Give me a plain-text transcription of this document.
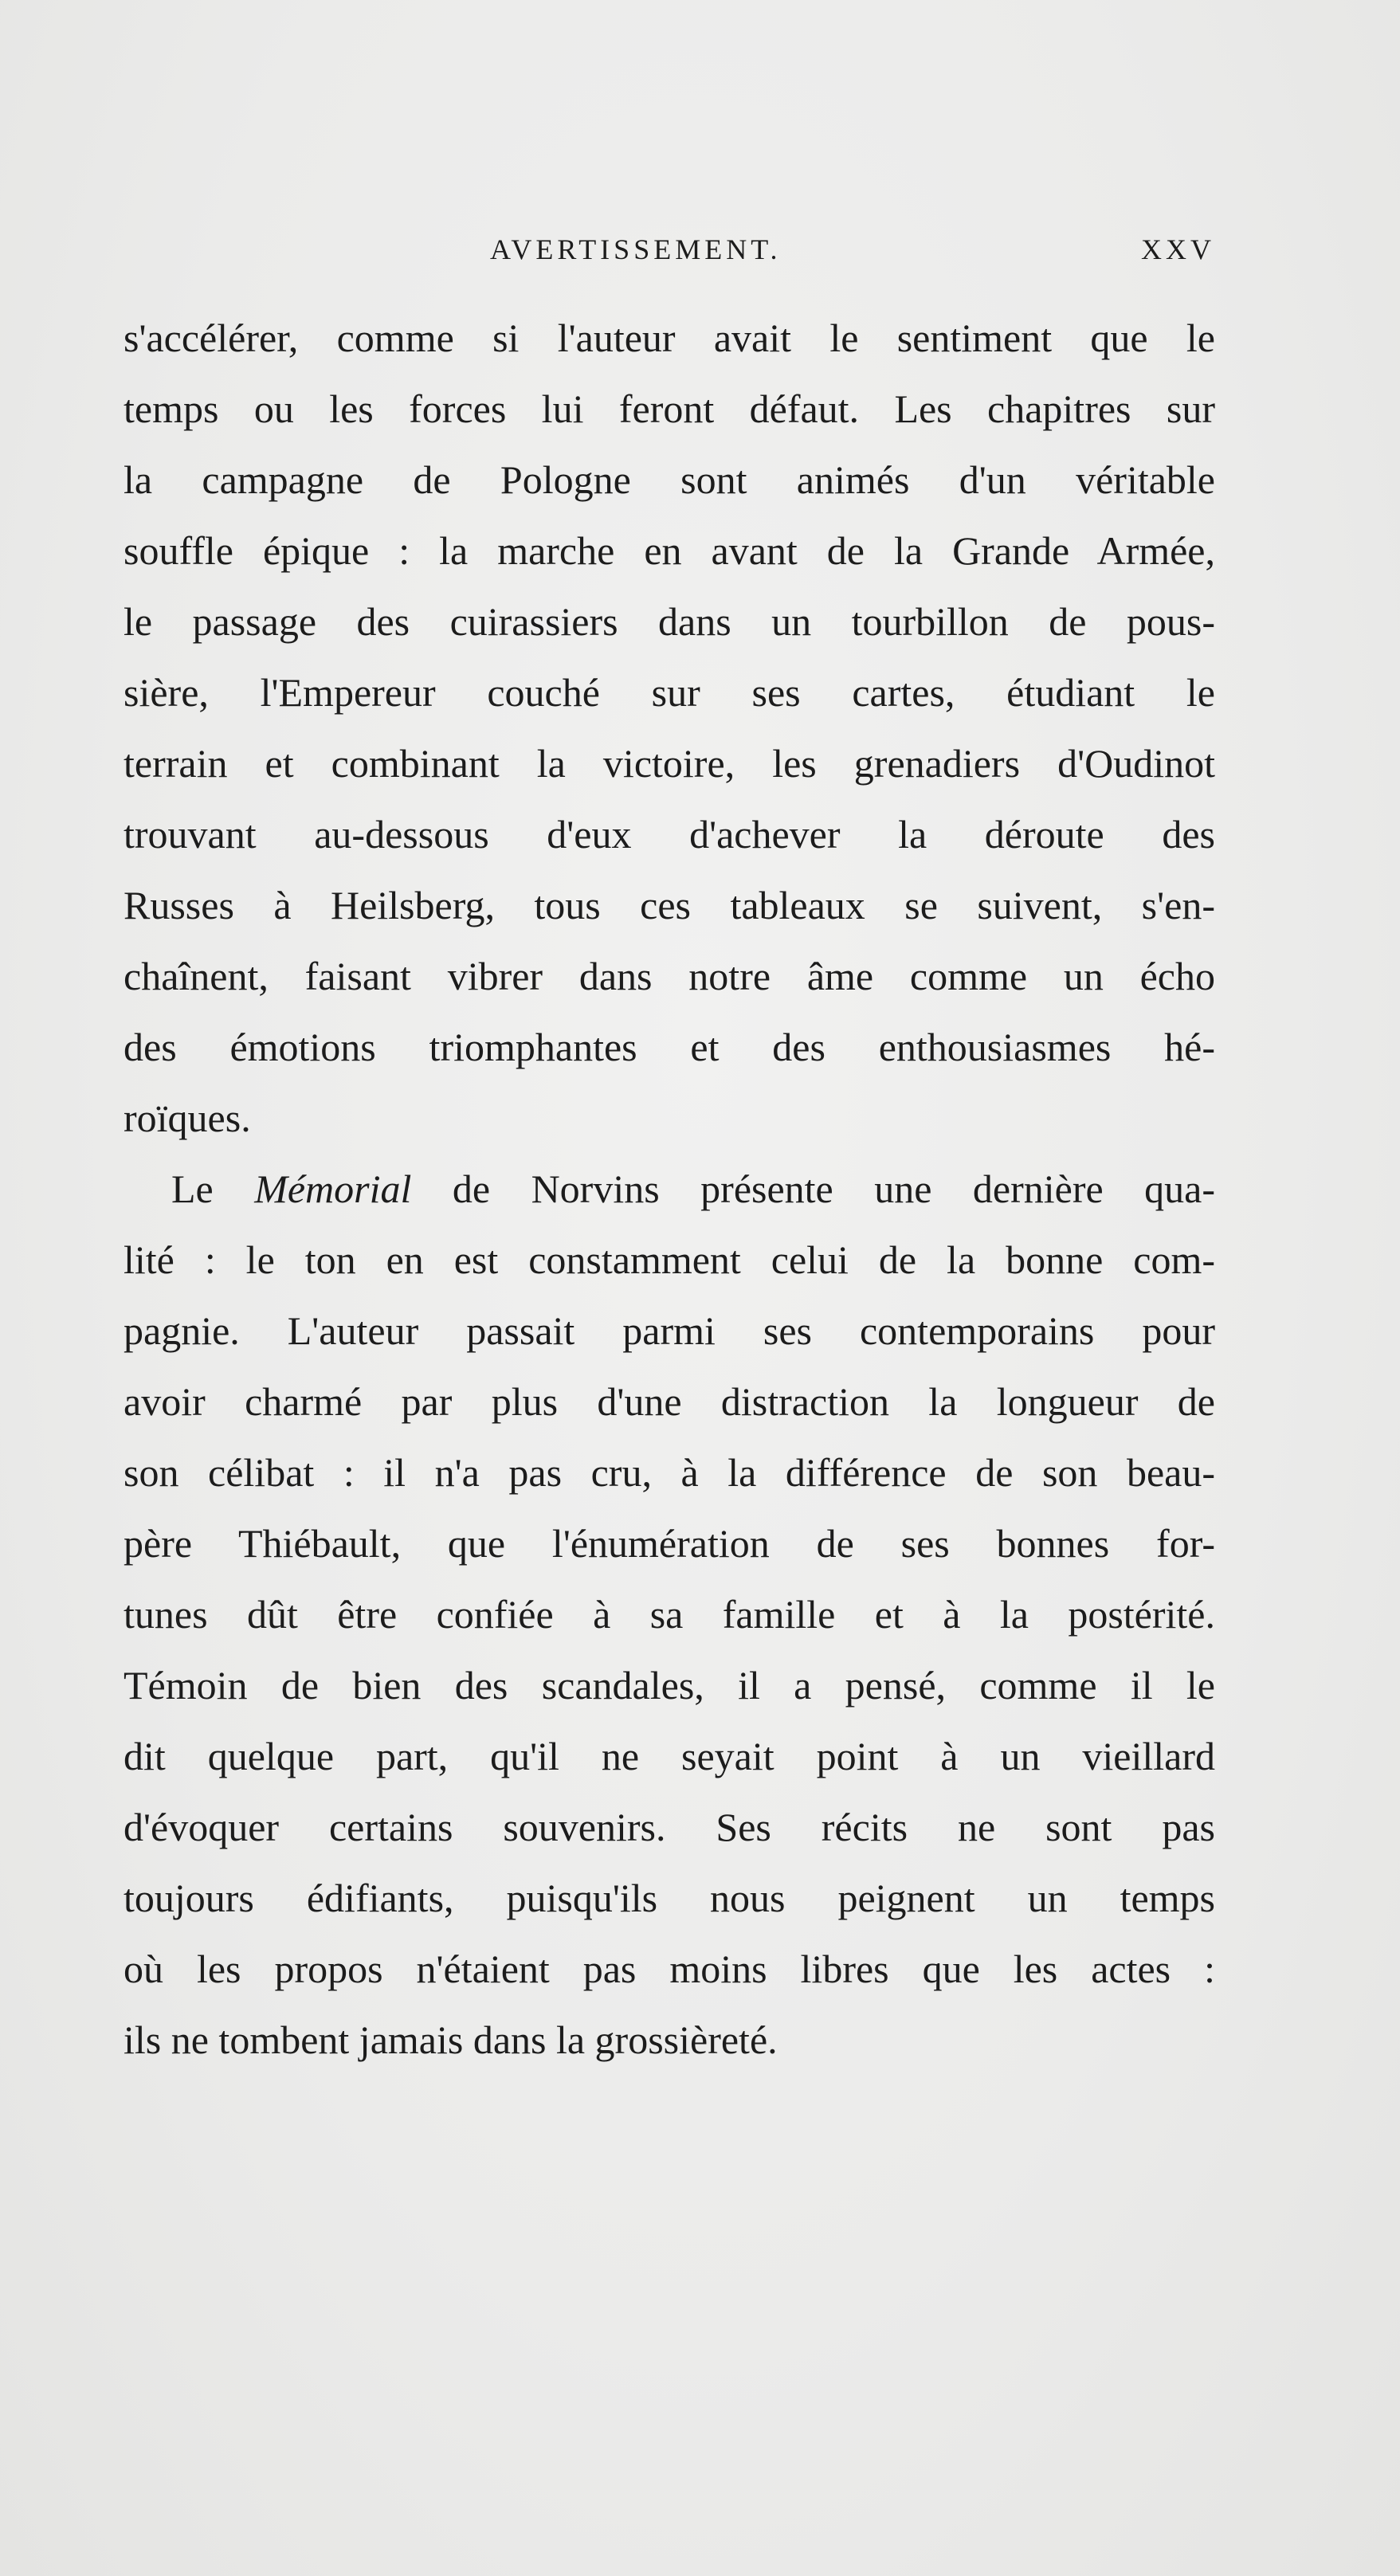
AVERTISSEMENT.	XXV
s'accélérer, comme si l'auteur avait le sentiment que le
temps ou les forces lui feront défaut. Les chapitres sur
la campagne de Pologne sont animés d'un véritable
souffle épique : la marche en avant de la Grande Armée,
le passage des cuirassiers dans un tourbillon de pous-
sière, l'Empereur couché sur ses cartes, étudiant le
terrain et combinant la victoire, les grenadiers d'Oudinot
trouvant au-dessous d'eux d'achever la déroute des
Russes à Heilsberg, tous ces tableaux se suivent, s'en-
chaînent, faisant vibrer dans notre âme comme un écho
des émotions triomphantes et des enthousiasmes hé-
roïques.
Le Mémorial de Norvins présente une dernière qua-
lité : le ton en est constamment celui de la bonne com-
pagnie. L'auteur passait parmi ses contemporains pour
avoir charmé par plus d'une distraction la longueur de
son célibat : il n'a pas cru, à la différence de son beau-
père Thiébault, que l'énumération de ses bonnes for-
tunes dût être confiée à sa famille et à la postérité.
Témoin de bien des scandales, il a pensé, comme il le
dit quelque part, qu'il ne seyait point à un vieillard
d'évoquer certains souvenirs. Ses récits ne sont pas
toujours édifiants, puisqu'ils nous peignent un temps
où les propos n'étaient pas moins libres que les actes :
ils ne tombent jamais dans la grossièreté.
